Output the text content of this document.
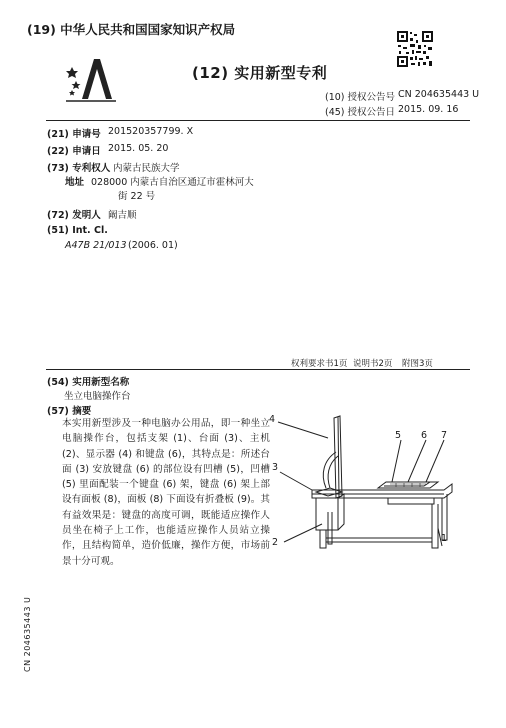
(19) 中华人民共和国国家知识产权局
(12) 实用新型专利
(10) 授权公告号 CN 204635443 U
(45) 授权公告日 2015. 09. 16
(21) 申请号 201520357799. X
(22) 申请日 2015. 05. 20
(73) 专利权人 内蒙古民族大学
地址 028000 内蒙古自治区通辽市霍林河大
街 22 号
(72) 发明人 阚吉顺
(51) Int. Cl.
A47B 21/013 (2006. 01)
权利要求书1页 说明书2页 附图3页
(54) 实用新型名称
坐立电脑操作台
(57) 摘要
本实用新型涉及一种电脑办公用品，即一种坐立电脑操作台，包括支架 (1)、台面 (3)、主机 (2)、显示器 (4) 和键盘 (6)，其特点是：所述台面 (3) 安放键盘 (6) 的部位设有凹槽 (5)，凹槽 (5) 里面配装一个键盘 (6) 架，键盘 (6) 架上部设有面板 (8)，面板 (8) 下面设有折叠板 (9)。其有益效果是：键盘的高度可调，既能适应操作人员坐在椅子上工作，也能适应操作人员站立操作，且结构简单，造价低廉，操作方便，市场前景十分可观。
4
5 6 7
3
2	1
CN 204635443 U
